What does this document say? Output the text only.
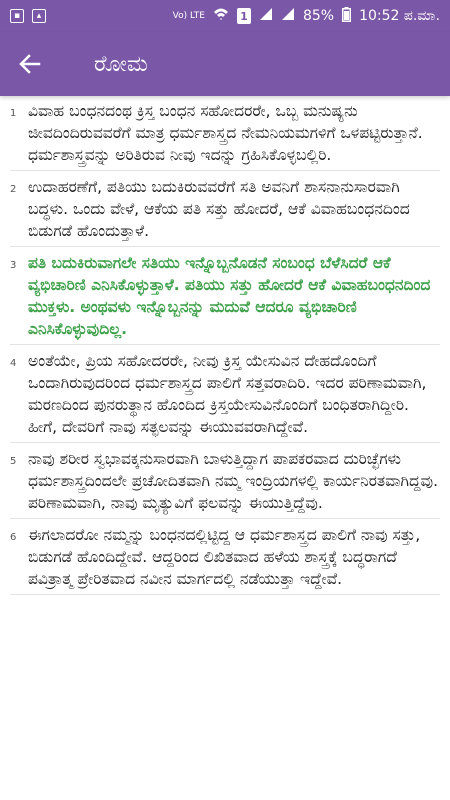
▪	▴	Vo) LTE	1	85% 10:52 ಪ.ಮಾ.
ರೋಮ
1 ವಿವಾಹ ಬಂಧನದಂಥ ಕ್ರಿಸ್ತ ಬಂಧನ ಸಹೋದರರೇ, ಒಬ್ಬ ಮನುಷ್ಯನು ಜೀವದಿಂದಿರುವವರೆಗೆ ಮಾತ್ರ ಧರ್ಮಶಾಸ್ತ್ರದ ನೇಮನಿಯಮಗಳಿಗೆ ಒಳಪಟ್ಟಿರುತ್ತಾನೆ. ಧರ್ಮಶಾಸ್ತ್ರವನ್ನು ಅರಿತಿರುವ ನೀವು ಇದನ್ನು ಗ್ರಹಿಸಿಕೊಳ್ಳಬಲ್ಲಿರಿ.
2 ಉದಾಹರಣೆಗೆ, ಪತಿಯು ಬದುಕಿರುವವರೆಗೆ ಸತಿ ಅವನಿಗೆ ಶಾಸನಾನುಸಾರವಾಗಿ ಬದ್ಧಳು. ಒಂದು ವೇಳೆ, ಆಕೆಯ ಪತಿ ಸತ್ತು ಹೋದರೆ, ಆಕೆ ವಿವಾಹಬಂಧನದಿಂದ ಬಿಡುಗಡೆ ಹೊಂದುತ್ತಾಳೆ.
3 ಪತಿ ಬದುಕಿರುವಾಗಲೇ ಸತಿಯು ಇನ್ನೊಬ್ಬನೊಡನೆ ಸಂಬಂಧ ಬೆಳೆಸಿದರೆ ಆಕೆ ವ್ಯಭಿಚಾರಿಣಿ ಎನಿಸಿಕೊಳ್ಳುತ್ತಾಳೆ. ಪತಿಯು ಸತ್ತು ಹೋದರೆ ಆಕೆ ವಿವಾಹಬಂಧನದಿಂದ ಮುಕ್ತಳು. ಅಂಥವಳು ಇನ್ನೊಬ್ಬನನ್ನು ಮದುವೆ ಆದರೂ ವ್ಯಭಿಚಾರಿಣಿ ಎನಿಸಿಕೊಳ್ಳುವುದಿಲ್ಲ.
4 ಅಂತೆಯೇ, ಪ್ರಿಯ ಸಹೋದರರೇ, ನೀವು ಕ್ರಿಸ್ತ ಯೇಸುವಿನ ದೇಹದೊಂದಿಗೆ ಒಂದಾಗಿರುವುದರಿಂದ ಧರ್ಮಶಾಸ್ತ್ರದ ಪಾಲಿಗೆ ಸತ್ತವರಾದಿರಿ. ಇದರ ಪರಿಣಾಮವಾಗಿ, ಮರಣದಿಂದ ಪುನರುತ್ಥಾನ ಹೊಂದಿದ ಕ್ರಿಸ್ತಯೇಸುವಿನೊಂದಿಗೆ ಬಂಧಿತರಾಗಿದ್ದೀರಿ. ಹೀಗೆ, ದೇವರಿಗೆ ನಾವು ಸತ್ಫಲವನ್ನು ಈಯುವವರಾಗಿದ್ದೇವೆ.
5 ನಾವು ಶರೀರ ಸ್ವಭಾವಕ್ಕನುಸಾರವಾಗಿ ಬಾಳುತ್ತಿದ್ದಾಗ ಪಾಪಕರವಾದ ದುರಿಚ್ಛೆಗಳು ಧರ್ಮಶಾಸ್ತ್ರದಿಂದಲೇ ಪ್ರಚೋದಿತವಾಗಿ ನಮ್ಮ ಇಂದ್ರಿಯಗಳಲ್ಲಿ ಕಾರ್ಯನಿರತವಾಗಿದ್ದವು. ಪರಿಣಾಮವಾಗಿ, ನಾವು ಮೃತ್ಯುವಿಗೆ ಫಲವನ್ನು ಈಯುತ್ತಿದ್ದೆವು.
6 ಈಗಲಾದರೋ ನಮ್ಮನ್ನು ಬಂಧನದಲ್ಲಿಟ್ಟಿದ್ದ ಆ ಧರ್ಮಶಾಸ್ತ್ರದ ಪಾಲಿಗೆ ನಾವು ಸತ್ತು, ಬಿಡುಗಡೆ ಹೊಂದಿದ್ದೇವೆ. ಆದ್ದರಿಂದ ಲಿಖಿತವಾದ ಹಳೆಯ ಶಾಸ್ತ್ರಕ್ಕೆ ಬದ್ಧರಾಗದೆ ಪವಿತ್ರಾತ್ಮ ಪ್ರೇರಿತವಾದ ನವೀನ ಮಾರ್ಗದಲ್ಲಿ ನಡೆಯುತ್ತಾ ಇದ್ದೇವೆ.
